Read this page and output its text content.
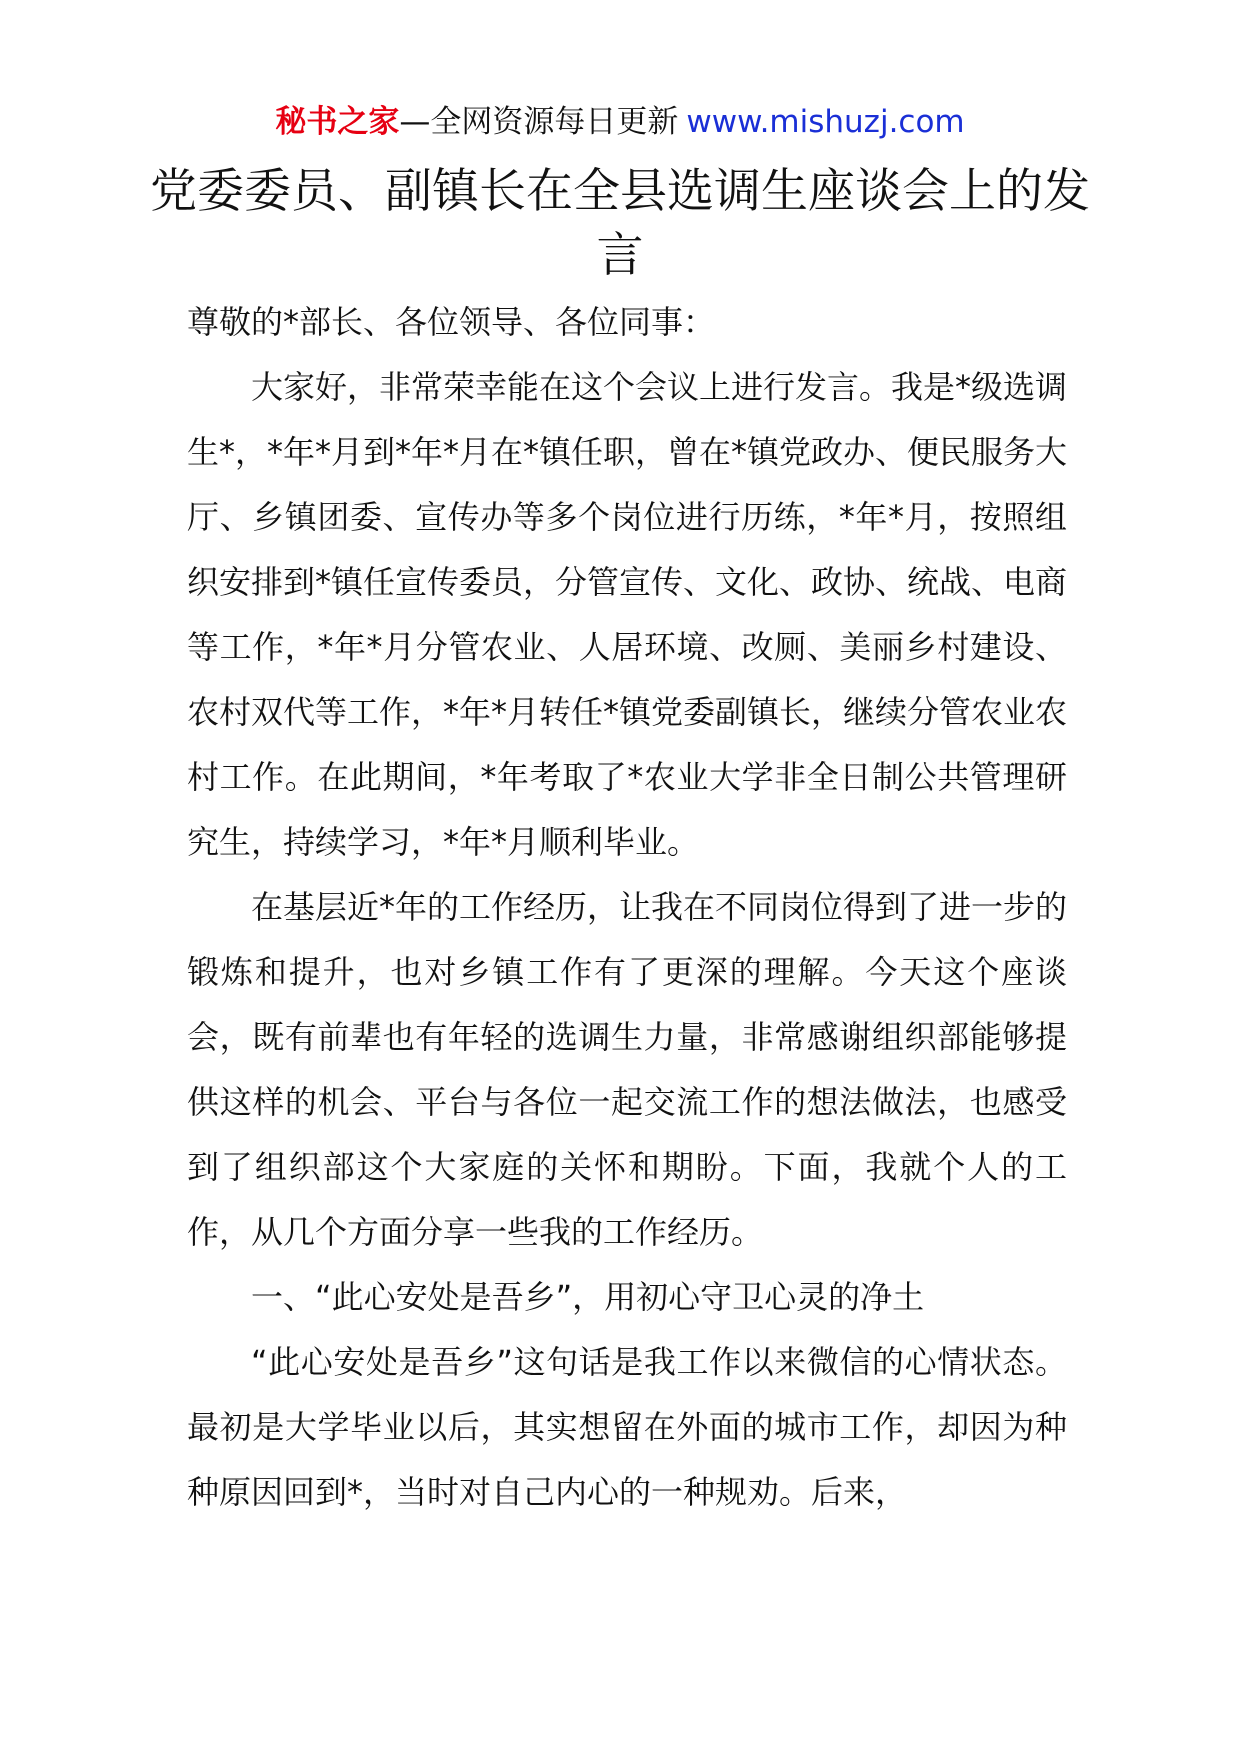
秘书之家—全网资源每日更新 www.mishuzj.com
党委委员、副镇长在全县选调生座谈会上的发言

尊敬的*部长、各位领导、各位同事：

大家好，非常荣幸能在这个会议上进行发言。我是*级选调生*，*年*月到*年*月在*镇任职，曾在*镇党政办、便民服务大厅、乡镇团委、宣传办等多个岗位进行历练，*年*月，按照组织安排到*镇任宣传委员，分管宣传、文化、政协、统战、电商等工作，*年*月分管农业、人居环境、改厕、美丽乡村建设、农村双代等工作，*年*月转任*镇党委副镇长，继续分管农业农村工作。在此期间，*年考取了*农业大学非全日制公共管理研究生，持续学习，*年*月顺利毕业。

在基层近*年的工作经历，让我在不同岗位得到了进一步的锻炼和提升，也对乡镇工作有了更深的理解。今天这个座谈会，既有前辈也有年轻的选调生力量，非常感谢组织部能够提供这样的机会、平台与各位一起交流工作的想法做法，也感受到了组织部这个大家庭的关怀和期盼。下面，我就个人的工作，从几个方面分享一些我的工作经历。

一、“此心安处是吾乡”，用初心守卫心灵的净土

“此心安处是吾乡”这句话是我工作以来微信的心情状态。最初是大学毕业以后，其实想留在外面的城市工作，却因为种种原因回到*，当时对自己内心的一种规劝。后来，
